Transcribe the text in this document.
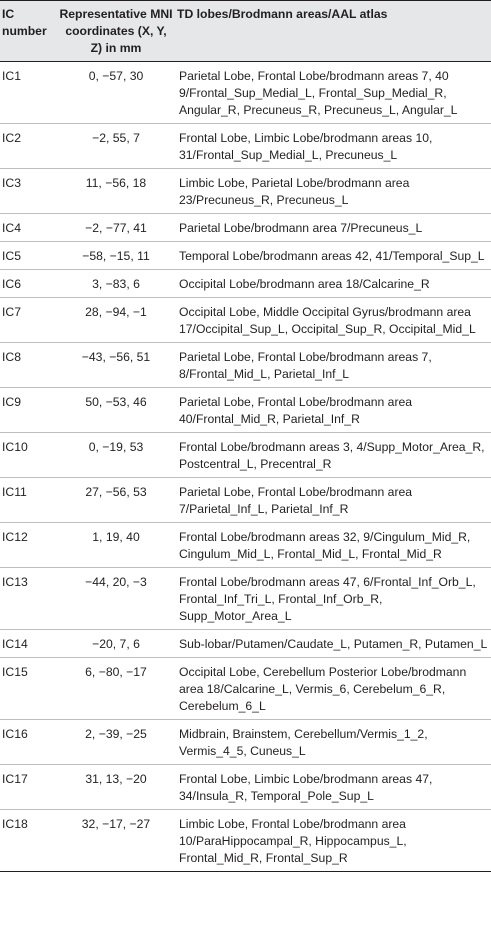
IC number	Representative MNI coordinates (X, Y, Z) in mm	TD lobes/Brodmann areas/AAL atlas
IC1	0, −57, 30	Parietal Lobe, Frontal Lobe/brodmann areas 7, 40 9/Frontal_Sup_Medial_L, Frontal_Sup_Medial_R, Angular_R, Precuneus_R, Precuneus_L, Angular_L
IC2	−2, 55, 7	Frontal Lobe, Limbic Lobe/brodmann areas 10, 31/Frontal_Sup_Medial_L, Precuneus_L
IC3	11, −56, 18	Limbic Lobe, Parietal Lobe/brodmann area 23/Precuneus_R, Precuneus_L
IC4	−2, −77, 41	Parietal Lobe/brodmann area 7/Precuneus_L
IC5	−58, −15, 11	Temporal Lobe/brodmann areas 42, 41/Temporal_Sup_L
IC6	3, −83, 6	Occipital Lobe/brodmann area 18/Calcarine_R
IC7	28, −94, −1	Occipital Lobe, Middle Occipital Gyrus/brodmann area 17/Occipital_Sup_L, Occipital_Sup_R, Occipital_Mid_L
IC8	−43, −56, 51	Parietal Lobe, Frontal Lobe/brodmann areas 7, 8/Frontal_Mid_L, Parietal_Inf_L
IC9	50, −53, 46	Parietal Lobe, Frontal Lobe/brodmann area 40/Frontal_Mid_R, Parietal_Inf_R
IC10	0, −19, 53	Frontal Lobe/brodmann areas 3, 4/Supp_Motor_Area_R, Postcentral_L, Precentral_R
IC11	27, −56, 53	Parietal Lobe, Frontal Lobe/brodmann area 7/Parietal_Inf_L, Parietal_Inf_R
IC12	1, 19, 40	Frontal Lobe/brodmann areas 32, 9/Cingulum_Mid_R, Cingulum_Mid_L, Frontal_Mid_L, Frontal_Mid_R
IC13	−44, 20, −3	Frontal Lobe/brodmann areas 47, 6/Frontal_Inf_Orb_L, Frontal_Inf_Tri_L, Frontal_Inf_Orb_R, Supp_Motor_Area_L
IC14	−20, 7, 6	Sub-lobar/Putamen/Caudate_L, Putamen_R, Putamen_L
IC15	6, −80, −17	Occipital Lobe, Cerebellum Posterior Lobe/brodmann area 18/Calcarine_L, Vermis_6, Cerebelum_6_R, Cerebelum_6_L
IC16	2, −39, −25	Midbrain, Brainstem, Cerebellum/Vermis_1_2, Vermis_4_5, Cuneus_L
IC17	31, 13, −20	Frontal Lobe, Limbic Lobe/brodmann areas 47, 34/Insula_R, Temporal_Pole_Sup_L
IC18	32, −17, −27	Limbic Lobe, Frontal Lobe/brodmann area 10/ParaHippocampal_R, Hippocampus_L, Frontal_Mid_R, Frontal_Sup_R
